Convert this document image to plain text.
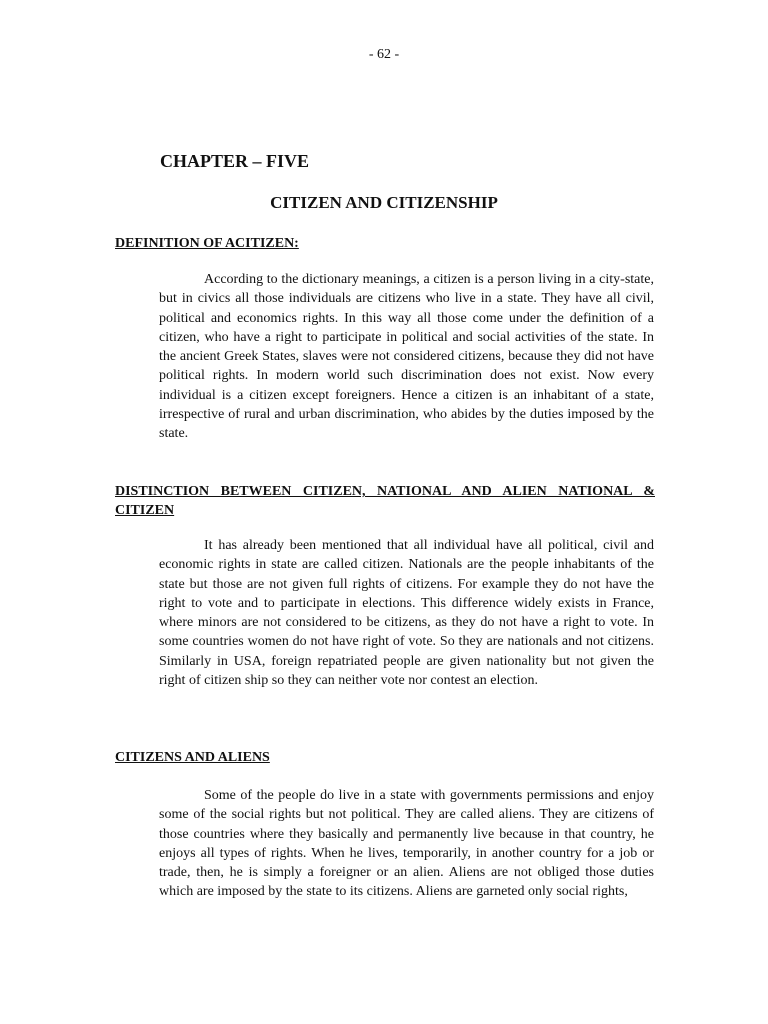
- 62 -
CHAPTER – FIVE
CITIZEN AND CITIZENSHIP
DEFINITION OF ACITIZEN:
According to the dictionary meanings, a citizen is a person living in a city-state, but in civics all those individuals are citizens who live in a state. They have all civil, political and economics rights. In this way all those come under the definition of a citizen, who have a right to participate in political and social activities of the state. In the ancient Greek States, slaves were not considered citizens, because they did not have political rights. In modern world such discrimination does not exist. Now every individual is a citizen except foreigners. Hence a citizen is an inhabitant of a state, irrespective of rural and urban discrimination, who abides by the duties imposed by the state.
DISTINCTION BETWEEN CITIZEN, NATIONAL AND ALIEN NATIONAL & CITIZEN
It has already been mentioned that all individual have all political, civil and economic rights in state are called citizen. Nationals are the people inhabitants of the state but those are not given full rights of citizens. For example they do not have the right to vote and to participate in elections. This difference widely exists in France, where minors are not considered to be citizens, as they do not have a right to vote. In some countries women do not have right of vote. So they are nationals and not citizens. Similarly in USA, foreign repatriated people are given nationality but not given the right of citizen ship so they can neither vote nor contest an election.
CITIZENS AND ALIENS
Some of the people do live in a state with governments permissions and enjoy some of the social rights but not political. They are called aliens. They are citizens of those countries where they basically and permanently live because in that country, he enjoys all types of rights. When he lives, temporarily, in another country for a job or trade, then, he is simply a foreigner or an alien. Aliens are not obliged those duties which are imposed by the state to its citizens. Aliens are garneted only social rights,
